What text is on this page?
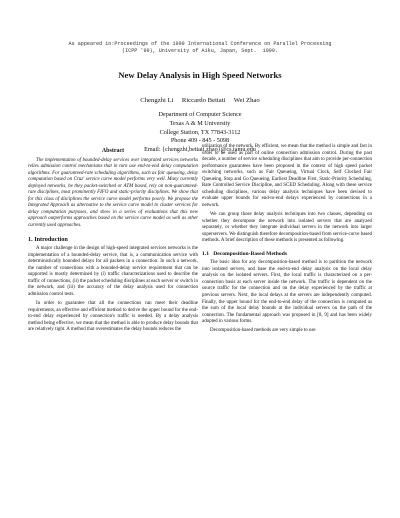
As appeared in:Proceedings of the 1999 International Conference on Parallel Processing
(ICPP '99), University of Aiku, Japan, Sept.  1999.
New Delay Analysis in High Speed Networks
Chengzhi Li     Riccardo Bettati     Wei Zhao
Department of Computer Science
Texas A & M University
College Station, TX 77843-3112
Phone 409 - 845 - 5098
Email: {chengzhi,bettati,zhao}@cs.tamu.edu
Abstract

The implementation of bounded-delay services over integrated services networks relies admission control mechanisms that in turn use end-to-end delay computation algorithms. For guaranteed-rate scheduling algorithms, such as fair queueing, delay computation based on Cruz' service curve model performs very well. Many currently deployed networks, be they packet-switched or ATM based, rely on non-guaranteed-rate disciplines, most prominently FIFO and static-priority disciplines. We show that for this class of disciplines the service curve model performs poorly. We propose the Integrated Approach as alternative to the service curve model to cluster services for delay computation purposes, and show in a series of evaluations that this new approach outperforms approaches based on the service curve model as well as other currently used approaches.

1. Introduction

A major challenge in the design of high-speed integrated services networks is the implementation of a bounded-delay service, that is, a communication service with deterministically bounded delays for all packets in a connection. In such a network, the number of connections with a bounded-delay service requirement that can be supported is mostly determined by (i) traffic characterizations used to describe the traffic of connections, (ii) the packet scheduling disciplines at each server or switch in the network, and (iii) the accuracy of the delay analysis used for connection admission control tests.

In order to guarantee that all the connections can meet their deadline requirements, an effective and efficient method to derive the upper bound for the end-to-end delay experienced by connection's traffic is needed. By a delay analysis method being effective, we mean that the method is able to produce delay bounds that are relatively tight. A method that overestimates the delay bounds reduces the

utilization of the network. By efficient, we mean that the method is simple and fast in order to be used as part of online connection admission control. During the past decade, a number of service scheduling disciplines that aim to provide per-connection performance guarantees have been proposed in the context of high speed packet switching networks, such as Fair Queueing, Virtual Clock, Self Clocked Fair Queueing, Stop and Go Queueing, Earliest Deadline First, Static-Priority Scheduling, Rate Controlled Service Discipline, and SCED Scheduling. Along with these service scheduling disciplines, various delay analysis techniques have been devised to evaluate upper bounds for end-to-end delays experienced by connections in a network.

We can group those delay analysis techniques into two classes, depending on whether they decompose the network into isolated servers that are analyzed separately, or whether they integrate individual servers in the network into larger superservers. We distinguish therefore decomposition-based from service-curve based methods. A brief description of these methods is presented as following.

1.1   Decomposition-Based Methods

The basic idea for any decomposition-based method is to partition the network into isolated servers, and base the end-to-end delay analysis on the local delay analysis on the isolated servers. First, the local traffic is characterized on a per-connection basis at each server inside the network. The traffic is dependent on the source traffic for the connection and on the delay experienced by the traffic at previous servers. Next, the local delays at the servers are independently computed. Finally, the upper bound for the end-to-end delay of the connection is computed as the sum of the local delay bounds at the individual servers on the path of the connection. The fundamental approach was proposed in [8, 9] and has been widely adopted in various forms.

Decomposition-based methods are very simple to use
